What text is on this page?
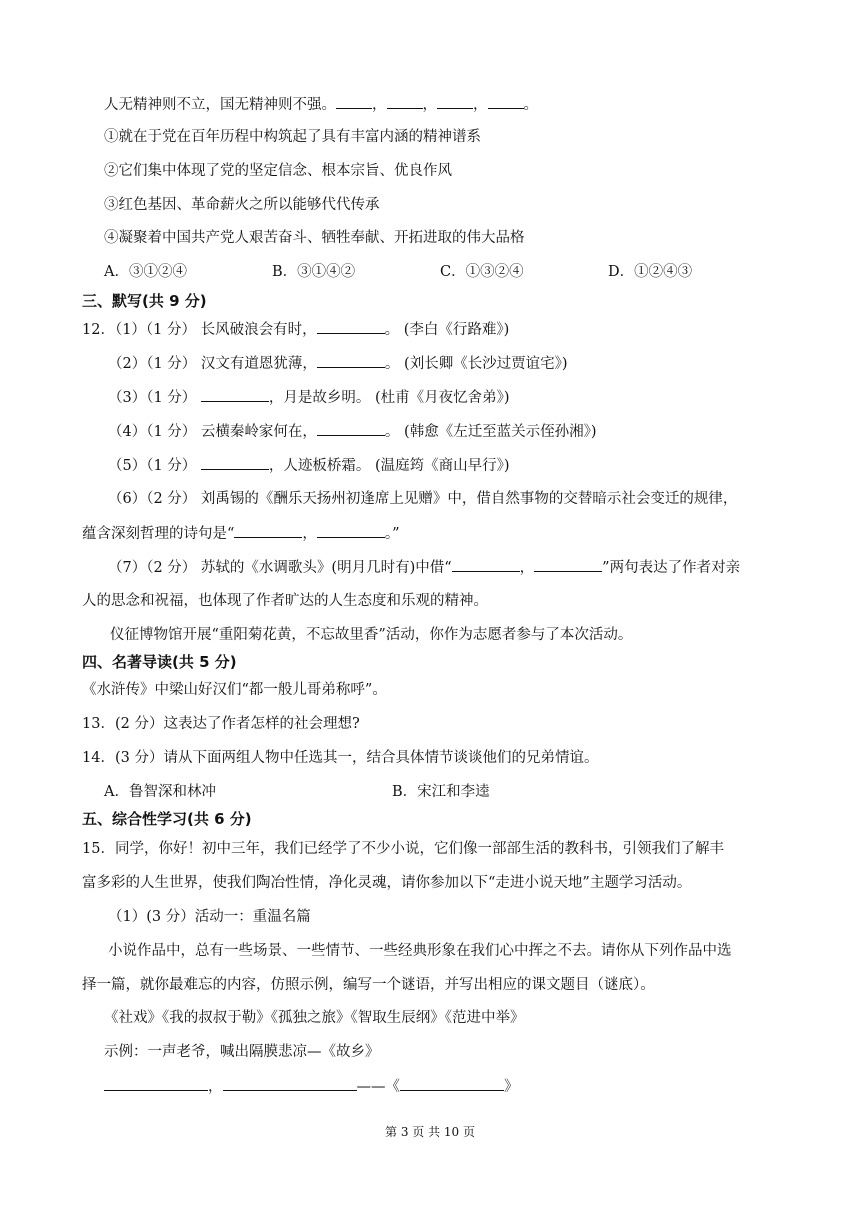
人无精神则不立，国无精神则不强。 ， ， ， 。
①就在于党在百年历程中构筑起了具有丰富内涵的精神谱系
②它们集中体现了党的坚定信念、根本宗旨、优良作风
③红色基因、革命薪火之所以能够代代传承
④凝聚着中国共产党人艰苦奋斗、牺牲奉献、开拓进取的伟大品格
A．③①②④	B．③①④②	C．①③②④	D．①②④③
三、默写(共 9 分)
12．（1）（1 分） 长风破浪会有时，	。 (李白《行路难》)
（2）（1 分） 汉文有道恩犹薄，	。 (刘长卿《长沙过贾谊宅》)
（3）（1 分）	，月是故乡明。 (杜甫《月夜忆舍弟》)
（4）（1 分） 云横秦岭家何在，	。 (韩愈《左迁至蓝关示侄孙湘》)
（5）（1 分）	，人迹板桥霜。 (温庭筠《商山早行》)
（6）（2 分） 刘禹锡的《酬乐天扬州初逢席上见赠》中，借自然事物的交替暗示社会变迁的规律，
蕴含深刻哲理的诗句是“	，	。”
（7）（2 分） 苏轼的《水调歌头》(明月几时有)中借“	，	”两句表达了作者对亲
人的思念和祝福，也体现了作者旷达的人生态度和乐观的精神。
仪征博物馆开展“重阳菊花黄，不忘故里香”活动，你作为志愿者参与了本次活动。
四、名著导读(共 5 分)
《水浒传》中梁山好汉们“都一般儿哥弟称呼”。
13．(2 分）这表达了作者怎样的社会理想?
14．(3 分）请从下面两组人物中任选其一，结合具体情节谈谈他们的兄弟情谊。
A．鲁智深和林冲	B．宋江和李逵
五、综合性学习(共 6 分)
15．同学，你好！初中三年，我们已经学了不少小说，它们像一部部生活的教科书，引领我们了解丰
富多彩的人生世界，使我们陶冶性情，净化灵魂，请你参加以下“走进小说天地”主题学习活动。
（1）(3 分）活动一：重温名篇
小说作品中，总有一些场景、一些情节、一些经典形象在我们心中挥之不去。请你从下列作品中选
择一篇，就你最难忘的内容，仿照示例，编写一个谜语，并写出相应的课文题目（谜底）。
《社戏》《我的叔叔于勒》《孤独之旅》《智取生辰纲》《范进中举》
示例：一声老爷，喊出隔膜悲凉—《故乡》
，	——《	》
第 3 页 共 10 页
